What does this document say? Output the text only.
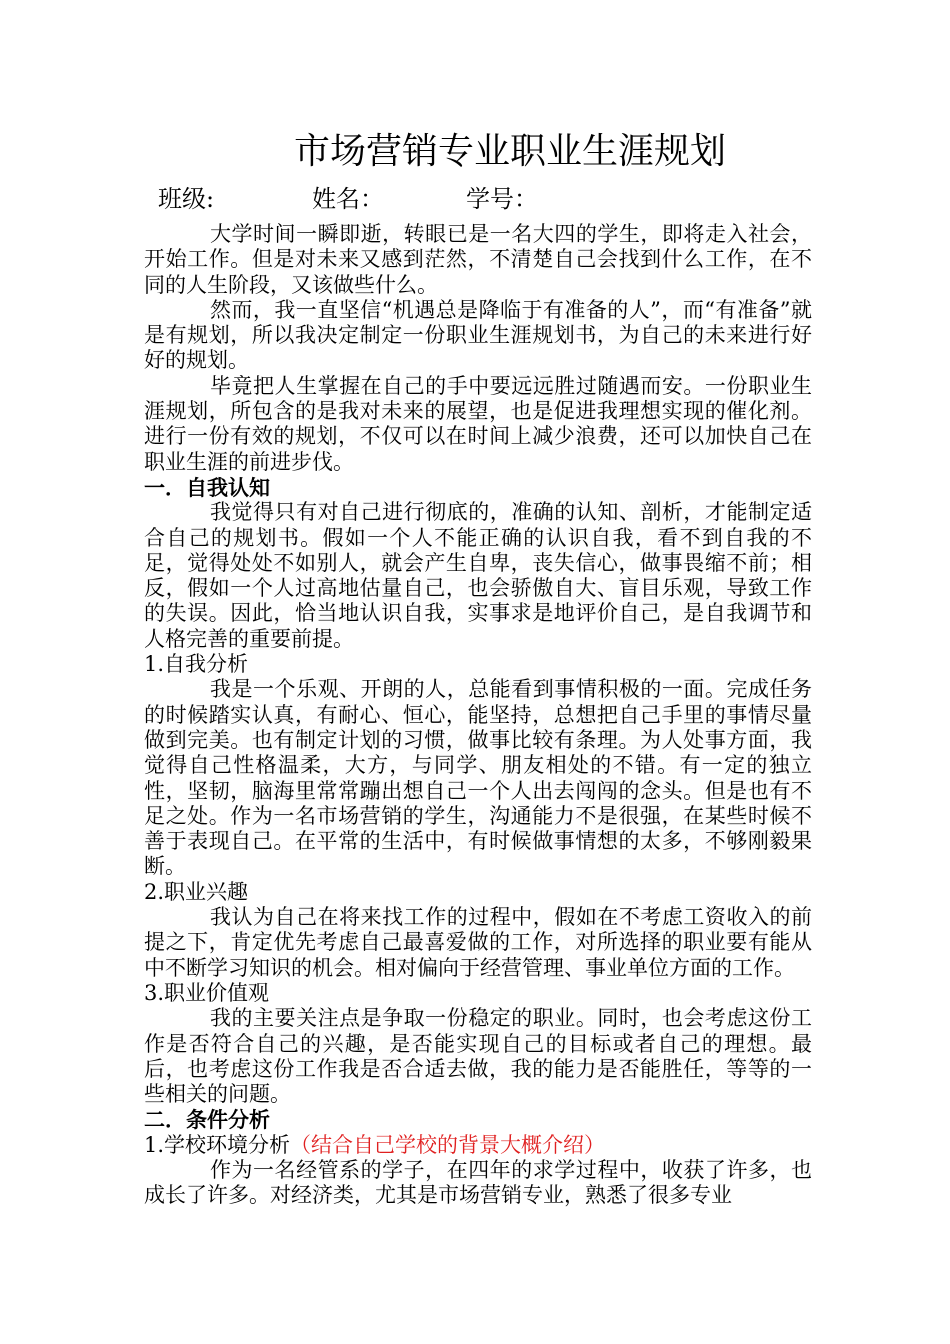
市场营销专业职业生涯规划
班级:	姓名：	学号：

大学时间一瞬即逝，转眼已是一名大四的学生，即将走入社会，开始工作。但是对未来又感到茫然，不清楚自己会找到什么工作，在不同的人生阶段，又该做些什么。

然而，我一直坚信“机遇总是降临于有准备的人”，而“有准备”就是有规划，所以我决定制定一份职业生涯规划书，为自己的未来进行好好的规划。

毕竟把人生掌握在自己的手中要远远胜过随遇而安。一份职业生涯规划，所包含的是我对未来的展望，也是促进我理想实现的催化剂。进行一份有效的规划，不仅可以在时间上减少浪费，还可以加快自己在职业生涯的前进步伐。

一．自我认知

我觉得只有对自己进行彻底的，准确的认知、剖析，才能制定适合自己的规划书。假如一个人不能正确的认识自我，看不到自我的不足，觉得处处不如别人，就会产生自卑，丧失信心，做事畏缩不前；相反，假如一个人过高地估量自己，也会骄傲自大、盲目乐观，导致工作的失误。因此，恰当地认识自我，实事求是地评价自己，是自我调节和人格完善的重要前提。

1.自我分析

我是一个乐观、开朗的人，总能看到事情积极的一面。完成任务的时候踏实认真，有耐心、恒心，能坚持，总想把自己手里的事情尽量做到完美。也有制定计划的习惯，做事比较有条理。为人处事方面，我觉得自己性格温柔，大方，与同学、朋友相处的不错。有一定的独立性，坚韧，脑海里常常蹦出想自己一个人出去闯闯的念头。但是也有不足之处。作为一名市场营销的学生，沟通能力不是很强，在某些时候不善于表现自己。在平常的生活中，有时候做事情想的太多，不够刚毅果断。

2.职业兴趣

我认为自己在将来找工作的过程中，假如在不考虑工资收入的前提之下，肯定优先考虑自己最喜爱做的工作，对所选择的职业要有能从中不断学习知识的机会。相对偏向于经营管理、事业单位方面的工作。

3.职业价值观

我的主要关注点是争取一份稳定的职业。同时，也会考虑这份工作是否符合自己的兴趣，是否能实现自己的目标或者自己的理想。最后，也考虑这份工作我是否合适去做，我的能力是否能胜任，等等的一些相关的问题。

二．条件分析

1.学校环境分析（结合自己学校的背景大概介绍）

作为一名经管系的学子，在四年的求学过程中，收获了许多，也成长了许多。对经济类，尤其是市场营销专业，熟悉了很多专业
